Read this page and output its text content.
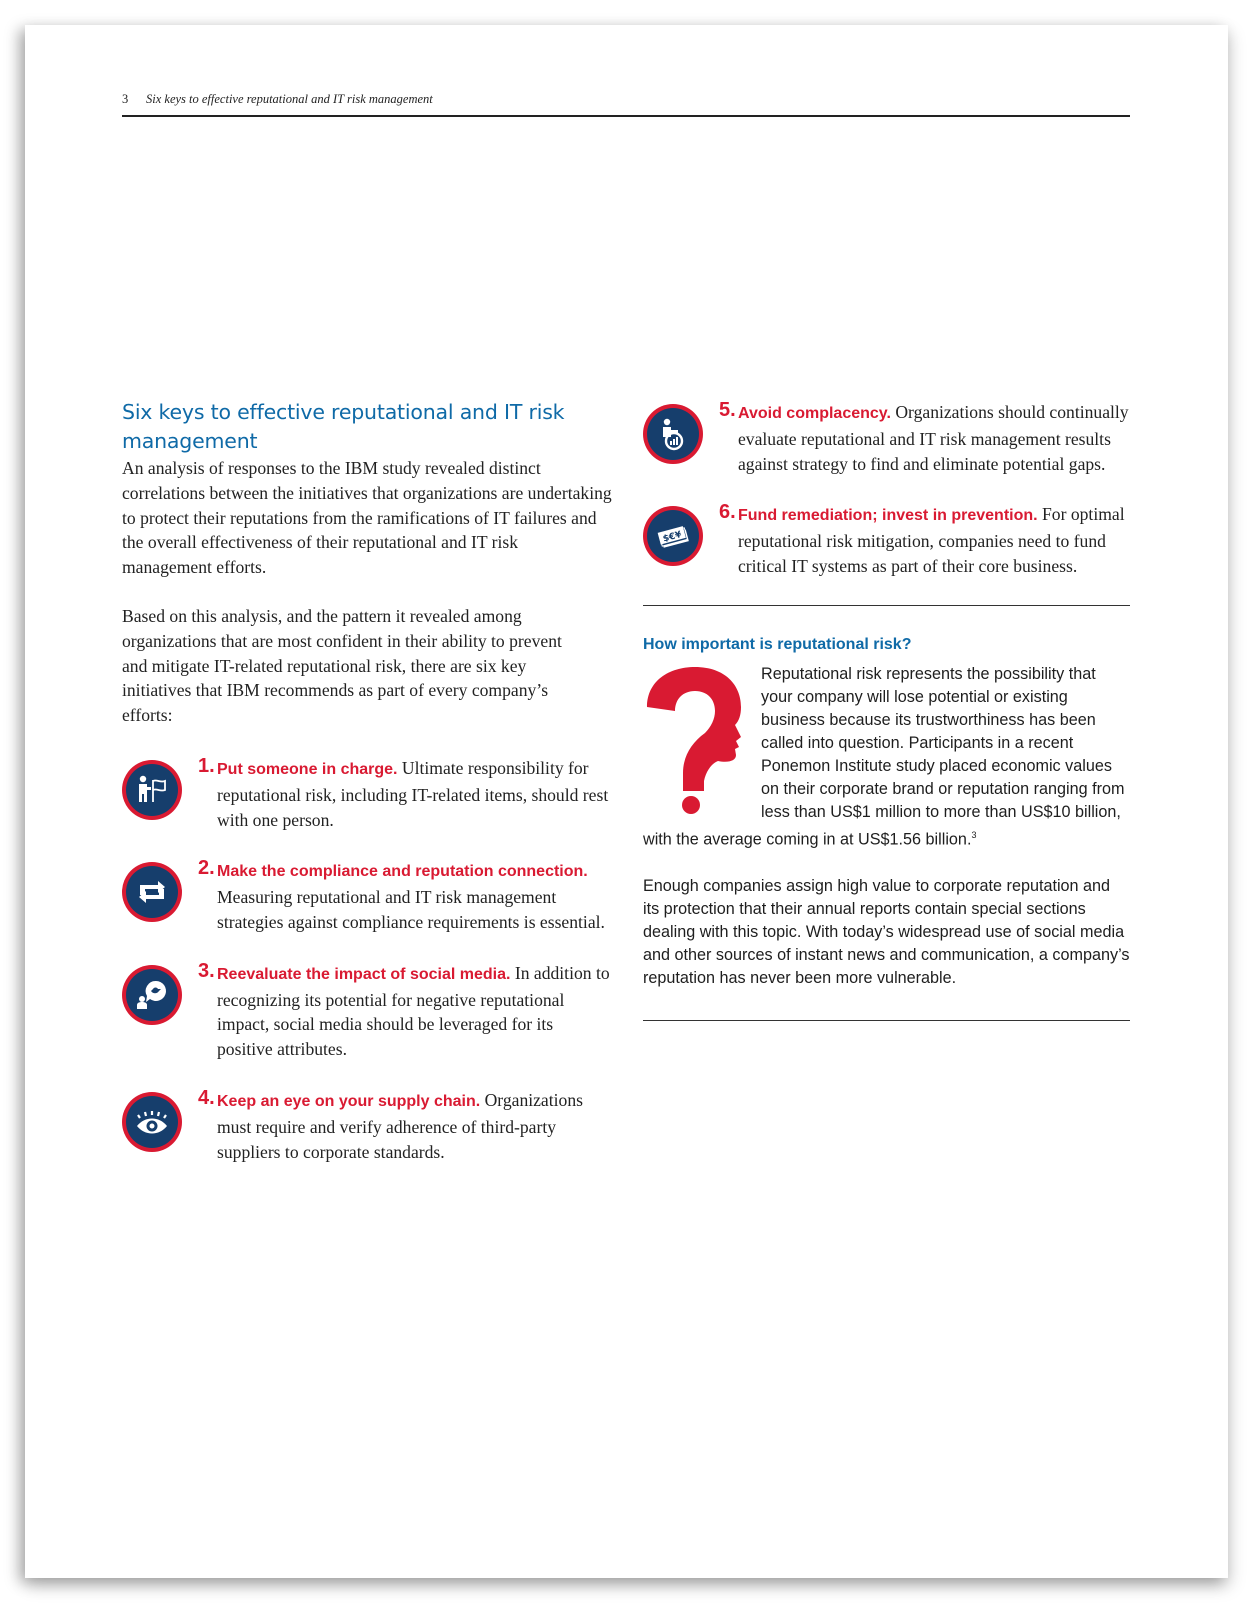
3 Six keys to effective reputational and IT risk management
Six keys to effective reputational and IT risk management

An analysis of responses to the IBM study revealed distinct correlations between the initiatives that organizations are undertaking to protect their reputations from the ramifications of IT failures and the overall effectiveness of their reputational and IT risk management efforts.

Based on this analysis, and the pattern it revealed among organizations that are most confident in their ability to prevent and mitigate IT-related reputational risk, there are six key initiatives that IBM recommends as part of every company’s efforts:

1. Put someone in charge. Ultimate responsibility for reputational risk, including IT-related items, should rest with one person.

2. Make the compliance and reputation connection. Measuring reputational and IT risk management strategies against compliance requirements is essential.

3. Reevaluate the impact of social media. In addition to recognizing its potential for negative reputational impact, social media should be leveraged for its positive attributes.

4. Keep an eye on your supply chain. Organizations must require and verify adherence of third-party suppliers to corporate standards.

5. Avoid complacency. Organizations should continually evaluate reputational and IT risk management results against strategy to find and eliminate potential gaps.

$€¥
6. Fund remediation; invest in prevention. For optimal reputational risk mitigation, companies need to fund critical IT systems as part of their core business.

How important is reputational risk?

Reputational risk represents the possibility that your company will lose potential or existing business because its trustworthiness has been called into question. Participants in a recent Ponemon Institute study placed economic values on their corporate brand or reputation ranging from less than US$1 million to more than US$10 billion, with the average coming in at US$1.56 billion.$^3$

Enough companies assign high value to corporate reputation and its protection that their annual reports contain special sections dealing with this topic. With today’s widespread use of social media and other sources of instant news and communication, a company’s reputation has never been more vulnerable.
